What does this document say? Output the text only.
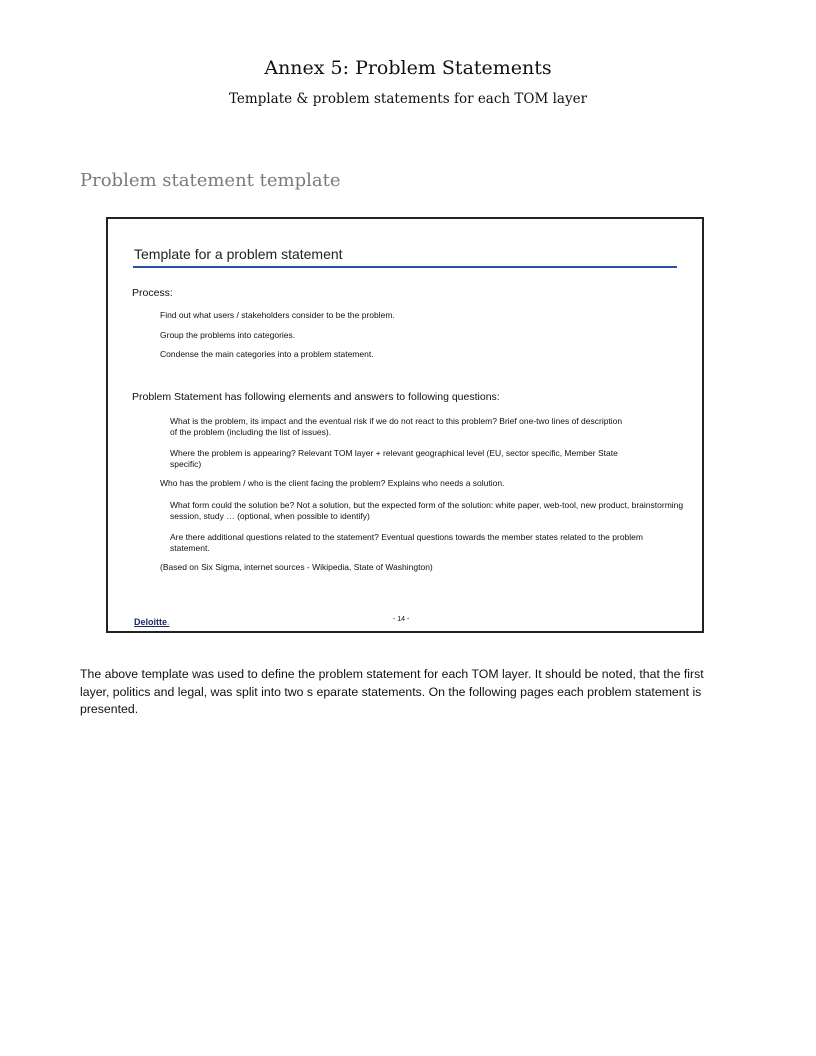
Annex 5: Problem Statements
Template & problem statements for each TOM layer
Problem statement template
Template for a problem statement
Process:
Find out what users / stakeholders consider to be the problem.
Group the problems into categories.
Condense the main categories into a problem statement.
Problem Statement has following elements and answers to following questions:
What is the problem, its impact and the eventual risk if we do not react to this problem? Brief one-two lines of description of the problem (including the list of issues).
Where the problem is appearing? Relevant TOM layer + relevant geographical level (EU, sector specific, Member State specific)
Who has the problem / who is the client facing the problem? Explains who needs a solution.
What form could the solution be? Not a solution, but the expected form of the solution: white paper, web-tool, new product, brainstorming session, study … (optional, when possible to identify)
Are there additional questions related to the statement? Eventual questions towards the member states related to the problem statement.
(Based on Six Sigma, internet sources - Wikipedia, State of Washington)
Deloitte.	- 14 -
The above template was used to define the problem statement for each TOM layer. It should be noted, that the first layer, politics and legal, was split into two s eparate statements. On the following pages each problem statement is presented.
